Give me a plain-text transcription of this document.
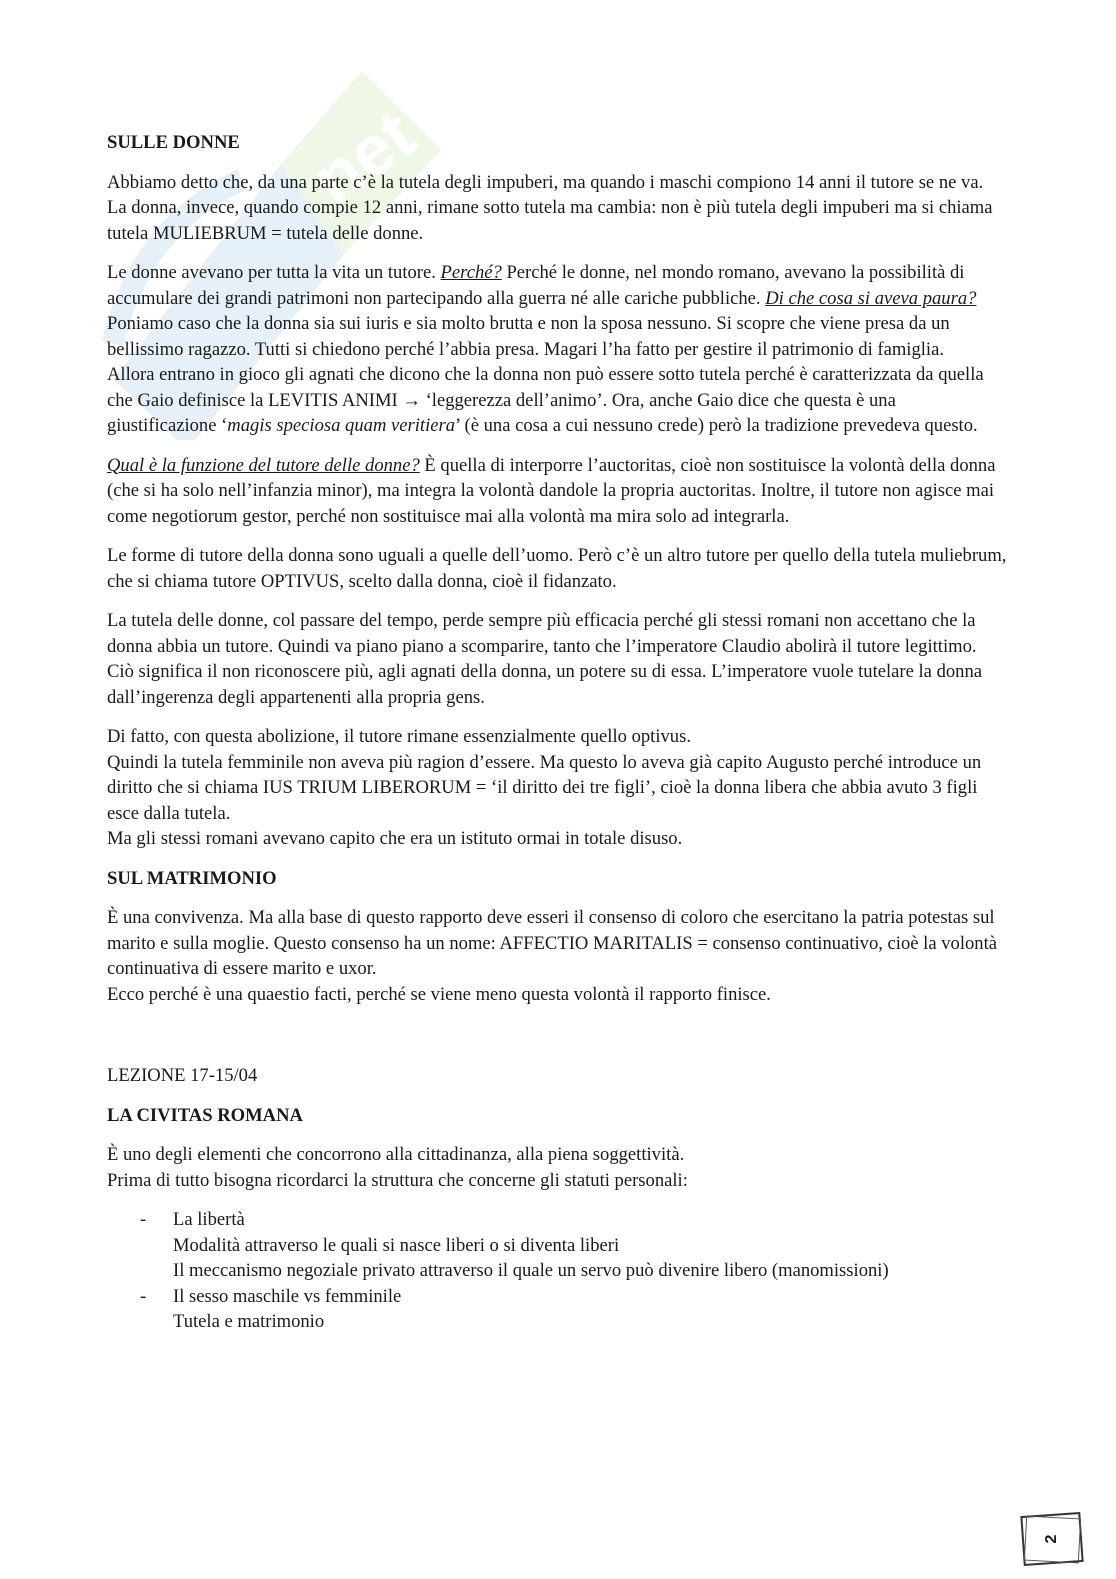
net
SULLE DONNE

Abbiamo detto che, da una parte c’è la tutela degli impuberi, ma quando i maschi compiono 14 anni il tutore se ne va. La donna, invece, quando compie 12 anni, rimane sotto tutela ma cambia: non è più tutela degli impuberi ma si chiama tutela MULIEBRUM = tutela delle donne.

Le donne avevano per tutta la vita un tutore. Perché? Perché le donne, nel mondo romano, avevano la possibilità di accumulare dei grandi patrimoni non partecipando alla guerra né alle cariche pubbliche. Di che cosa si aveva paura? Poniamo caso che la donna sia sui iuris e sia molto brutta e non la sposa nessuno. Si scopre che viene presa da un bellissimo ragazzo. Tutti si chiedono perché l’abbia presa. Magari l’ha fatto per gestire il patrimonio di famiglia.
Allora entrano in gioco gli agnati che dicono che la donna non può essere sotto tutela perché è caratterizzata da quella che Gaio definisce la LEVITIS ANIMI → ‘leggerezza dell’animo’. Ora, anche Gaio dice che questa è una giustificazione ‘magis speciosa quam veritiera’ (è una cosa a cui nessuno crede) però la tradizione prevedeva questo.

Qual è la funzione del tutore delle donne? È quella di interporre l’auctoritas, cioè non sostituisce la volontà della donna (che si ha solo nell’infanzia minor), ma integra la volontà dandole la propria auctoritas. Inoltre, il tutore non agisce mai come negotiorum gestor, perché non sostituisce mai alla volontà ma mira solo ad integrarla.

Le forme di tutore della donna sono uguali a quelle dell’uomo. Però c’è un altro tutore per quello della tutela muliebrum, che si chiama tutore OPTIVUS, scelto dalla donna, cioè il fidanzato.

La tutela delle donne, col passare del tempo, perde sempre più efficacia perché gli stessi romani non accettano che la donna abbia un tutore. Quindi va piano piano a scomparire, tanto che l’imperatore Claudio abolirà il tutore legittimo. Ciò significa il non riconoscere più, agli agnati della donna, un potere su di essa. L’imperatore vuole tutelare la donna dall’ingerenza degli appartenenti alla propria gens.

Di fatto, con questa abolizione, il tutore rimane essenzialmente quello optivus.
Quindi la tutela femminile non aveva più ragion d’essere. Ma questo lo aveva già capito Augusto perché introduce un diritto che si chiama IUS TRIUM LIBERORUM = ‘il diritto dei tre figli’, cioè la donna libera che abbia avuto 3 figli esce dalla tutela.
Ma gli stessi romani avevano capito che era un istituto ormai in totale disuso.

SUL MATRIMONIO

È una convivenza. Ma alla base di questo rapporto deve esseri il consenso di coloro che esercitano la patria potestas sul marito e sulla moglie. Questo consenso ha un nome: AFFECTIO MARITALIS = consenso continuativo, cioè la volontà continuativa di essere marito e uxor.
Ecco perché è una quaestio facti, perché se viene meno questa volontà il rapporto finisce.

LEZIONE 17-15/04

LA CIVITAS ROMANA

È uno degli elementi che concorrono alla cittadinanza, alla piena soggettività.
Prima di tutto bisogna ricordarci la struttura che concerne gli statuti personali:

- La libertà
Modalità attraverso le quali si nasce liberi o si diventa liberi
Il meccanismo negoziale privato attraverso il quale un servo può divenire libero (manomissioni)
- Il sesso maschile vs femminile
Tutela e matrimonio
2
